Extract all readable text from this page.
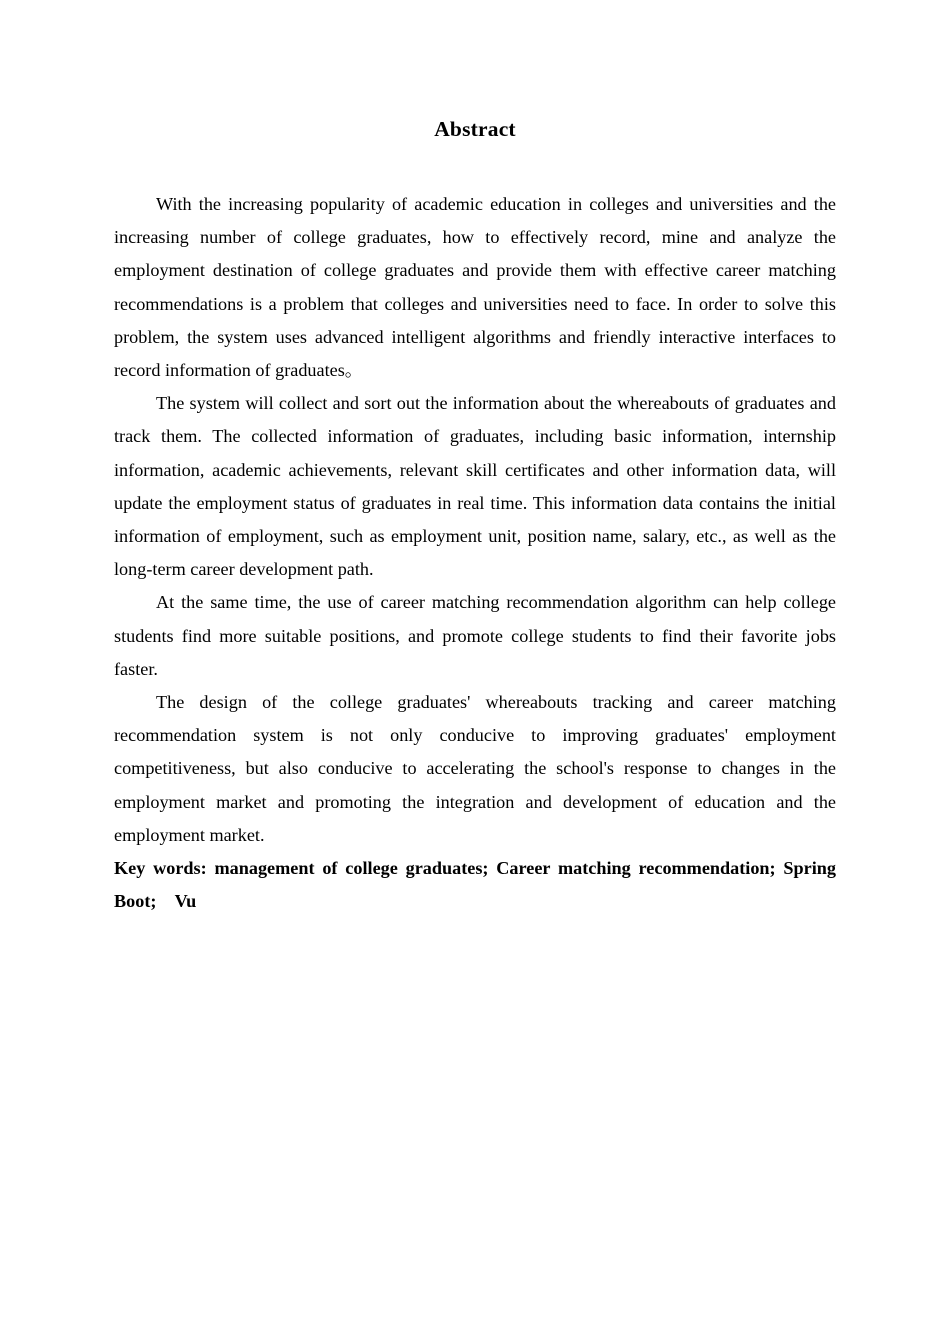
Abstract

With the increasing popularity of academic education in colleges and universities and the increasing number of college graduates, how to effectively record, mine and analyze the employment destination of college graduates and provide them with effective career matching recommendations is a problem that colleges and universities need to face. In order to solve this problem, the system uses advanced intelligent algorithms and friendly interactive interfaces to record information of graduates。

The system will collect and sort out the information about the whereabouts of graduates and track them. The collected information of graduates, including basic information, internship information, academic achievements, relevant skill certificates and other information data, will update the employment status of graduates in real time. This information data contains the initial information of employment, such as employment unit, position name, salary, etc., as well as the long-term career development path.

At the same time, the use of career matching recommendation algorithm can help college students find more suitable positions, and promote college students to find their favorite jobs faster.

The design of the college graduates' whereabouts tracking and career matching recommendation system is not only conducive to improving graduates' employment competitiveness, but also conducive to accelerating the school's response to changes in the employment market and promoting the integration and development of education and the employment market.

Key words: management of college graduates; Career matching recommendation; Spring Boot;　Vu
